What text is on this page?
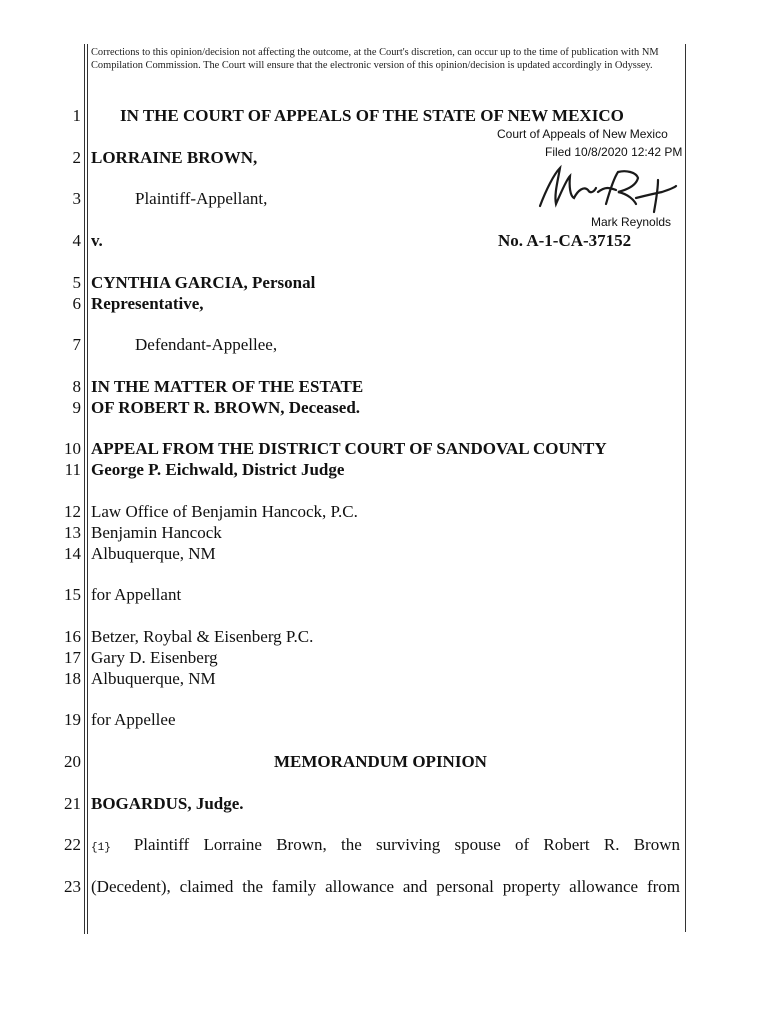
Corrections to this opinion/decision not affecting the outcome, at the Court's discretion, can occur up to the time of publication with NM Compilation Commission. The Court will ensure that the electronic version of this opinion/decision is updated accordingly in Odyssey.
1
2
3
4
5
6
7
8
9
10
11
12
13
14
15
16
17
18
19
20
21
22
23
IN THE COURT OF APPEALS OF THE STATE OF NEW MEXICO
Court of Appeals of New Mexico
Filed 10/8/2020 12:42 PM
Mark Reynolds
LORRAINE BROWN,
Plaintiff-Appellant,
v.	No. A-1-CA-37152
CYNTHIA GARCIA, Personal
Representative,
Defendant-Appellee,
IN THE MATTER OF THE ESTATE
OF ROBERT R. BROWN, Deceased.
APPEAL FROM THE DISTRICT COURT OF SANDOVAL COUNTY
George P. Eichwald, District Judge
Law Office of Benjamin Hancock, P.C.
Benjamin Hancock
Albuquerque, NM
for Appellant
Betzer, Roybal & Eisenberg P.C.
Gary D. Eisenberg
Albuquerque, NM
for Appellee
MEMORANDUM OPINION
BOGARDUS, Judge.
{1} Plaintiff Lorraine Brown, the surviving spouse of Robert R. Brown
(Decedent), claimed the family allowance and personal property allowance from
